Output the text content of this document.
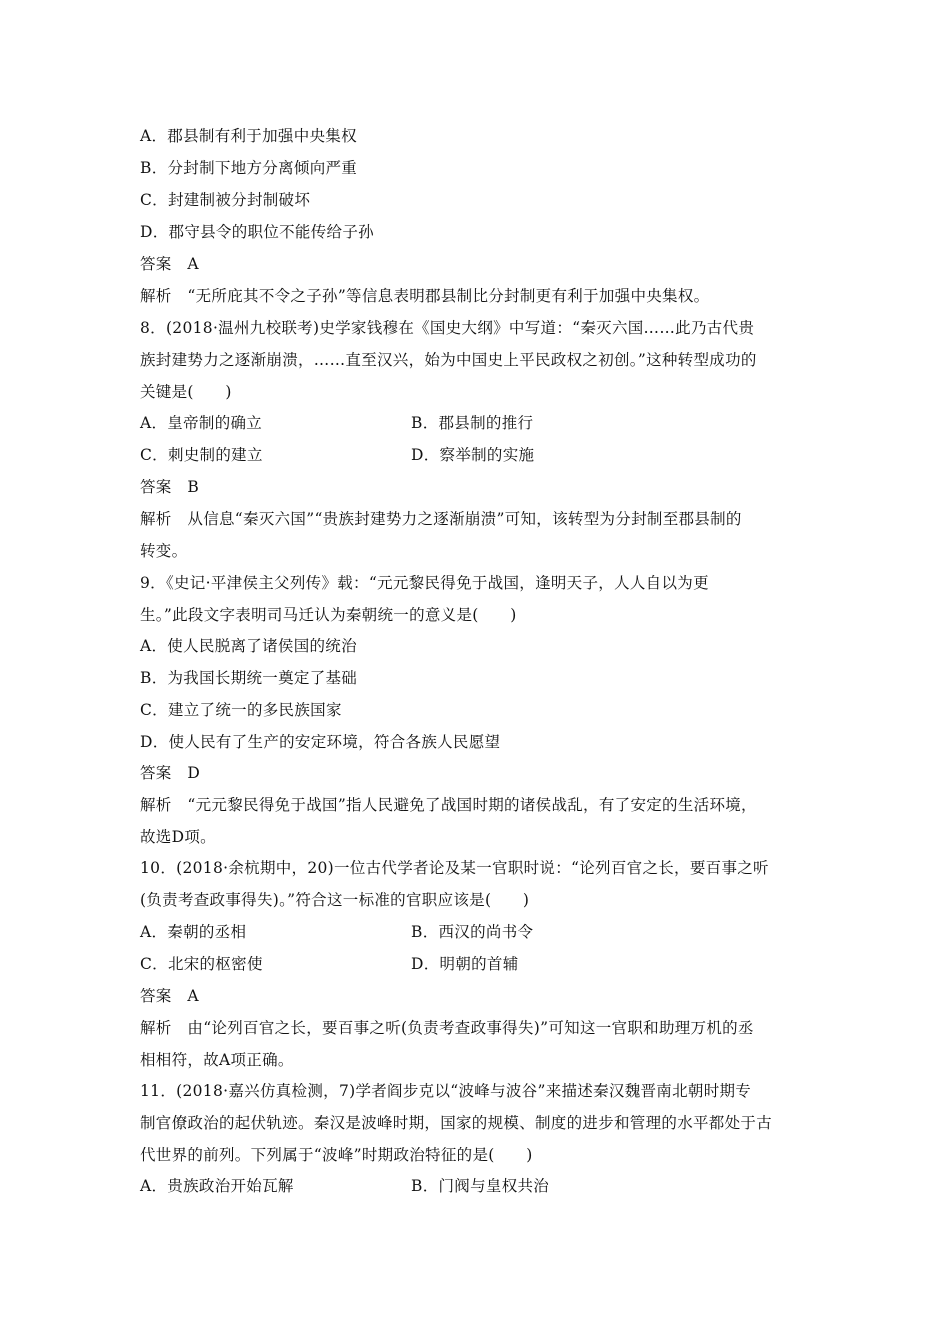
A．郡县制有利于加强中央集权
B．分封制下地方分离倾向严重
C．封建制被分封制破坏
D．郡守县令的职位不能传给子孙
答案　A
解析　“无所庇其不令之子孙”等信息表明郡县制比分封制更有利于加强中央集权。
8．(2018·温州九校联考)史学家钱穆在《国史大纲》中写道：“秦灭六国……此乃古代贵
族封建势力之逐渐崩溃，……直至汉兴，始为中国史上平民政权之初创。”这种转型成功的
关键是(　　)
A．皇帝制的确立	B．郡县制的推行
C．刺史制的建立	D．察举制的实施
答案　B
解析　从信息“秦灭六国”“贵族封建势力之逐渐崩溃”可知，该转型为分封制至郡县制的
转变。
9．《史记·平津侯主父列传》载：“元元黎民得免于战国，逢明天子，人人自以为更
生。”此段文字表明司马迁认为秦朝统一的意义是(　　)
A．使人民脱离了诸侯国的统治
B．为我国长期统一奠定了基础
C．建立了统一的多民族国家
D．使人民有了生产的安定环境，符合各族人民愿望
答案　D
解析　“元元黎民得免于战国”指人民避免了战国时期的诸侯战乱，有了安定的生活环境，
故选D项。
10．(2018·余杭期中，20)一位古代学者论及某一官职时说：“论列百官之长，要百事之听
(负责考查政事得失)。”符合这一标准的官职应该是(　　)
A．秦朝的丞相	B．西汉的尚书令
C．北宋的枢密使	D．明朝的首辅
答案　A
解析　由“论列百官之长，要百事之听(负责考查政事得失)”可知这一官职和助理万机的丞
相相符，故A项正确。
11．(2018·嘉兴仿真检测，7)学者阎步克以“波峰与波谷”来描述秦汉魏晋南北朝时期专
制官僚政治的起伏轨迹。秦汉是波峰时期，国家的规模、制度的进步和管理的水平都处于古
代世界的前列。下列属于“波峰”时期政治特征的是(　　)
A．贵族政治开始瓦解	B．门阀与皇权共治
